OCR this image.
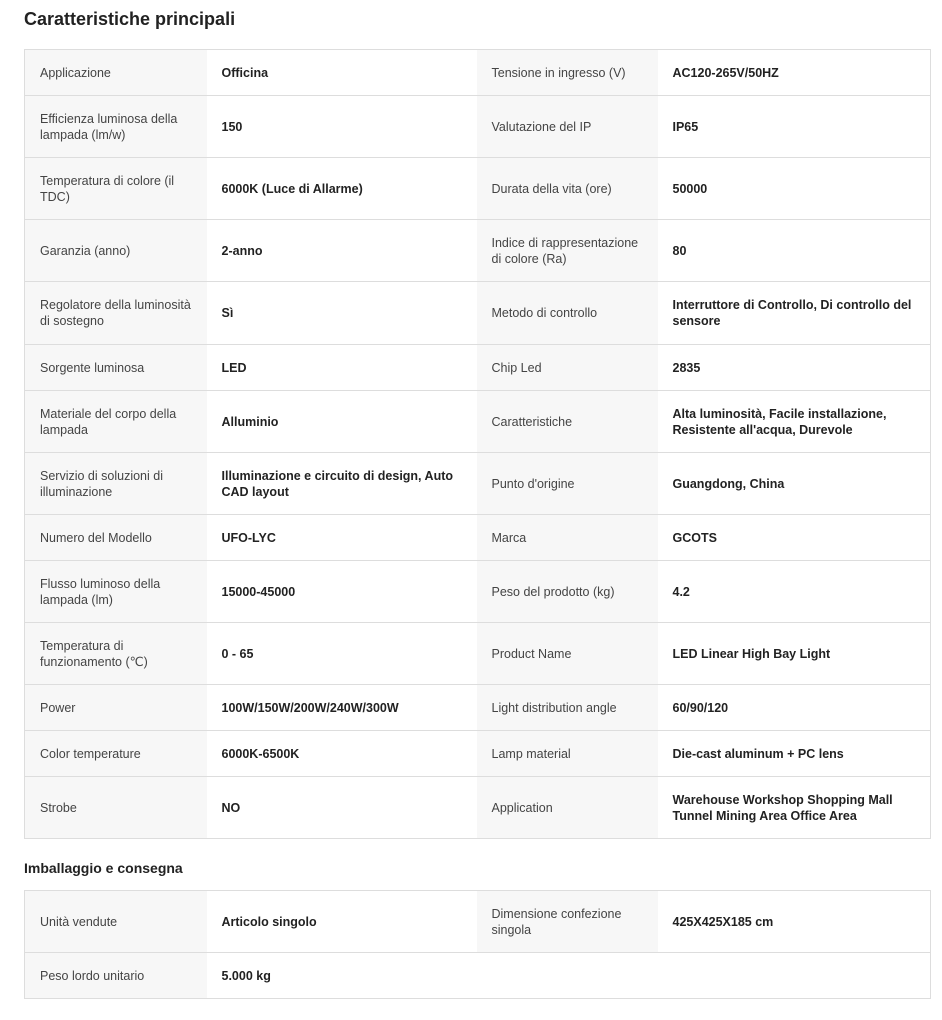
Caratteristiche principali
Applicazione	Officina	Tensione in ingresso (V)	AC120-265V/50HZ
Efficienza luminosa della lampada (lm/w)	150	Valutazione del IP	IP65
Temperatura di colore (il TDC)	6000K (Luce di Allarme)	Durata della vita (ore)	50000
Garanzia (anno)	2-anno	Indice di rappresentazione di colore (Ra)	80
Regolatore della luminosità di sostegno	Sì	Metodo di controllo	Interruttore di Controllo, Di controllo del sensore
Sorgente luminosa	LED	Chip Led	2835
Materiale del corpo della lampada	Alluminio	Caratteristiche	Alta luminosità, Facile installazione, Resistente all'acqua, Durevole
Servizio di soluzioni di illuminazione	Illuminazione e circuito di design, Auto CAD layout	Punto d'origine	Guangdong, China
Numero del Modello	UFO-LYC	Marca	GCOTS
Flusso luminoso della lampada (lm)	15000-45000	Peso del prodotto (kg)	4.2
Temperatura di funzionamento (℃)	0 - 65	Product Name	LED Linear High Bay Light
Power	100W/150W/200W/240W/300W	Light distribution angle	60/90/120
Color temperature	6000K-6500K	Lamp material	Die-cast aluminum + PC lens
Strobe	NO	Application	Warehouse Workshop Shopping Mall Tunnel Mining Area Office Area
Imballaggio e consegna
Unità vendute	Articolo singolo	Dimensione confezione singola	425X425X185 cm
Peso lordo unitario	5.000 kg		
